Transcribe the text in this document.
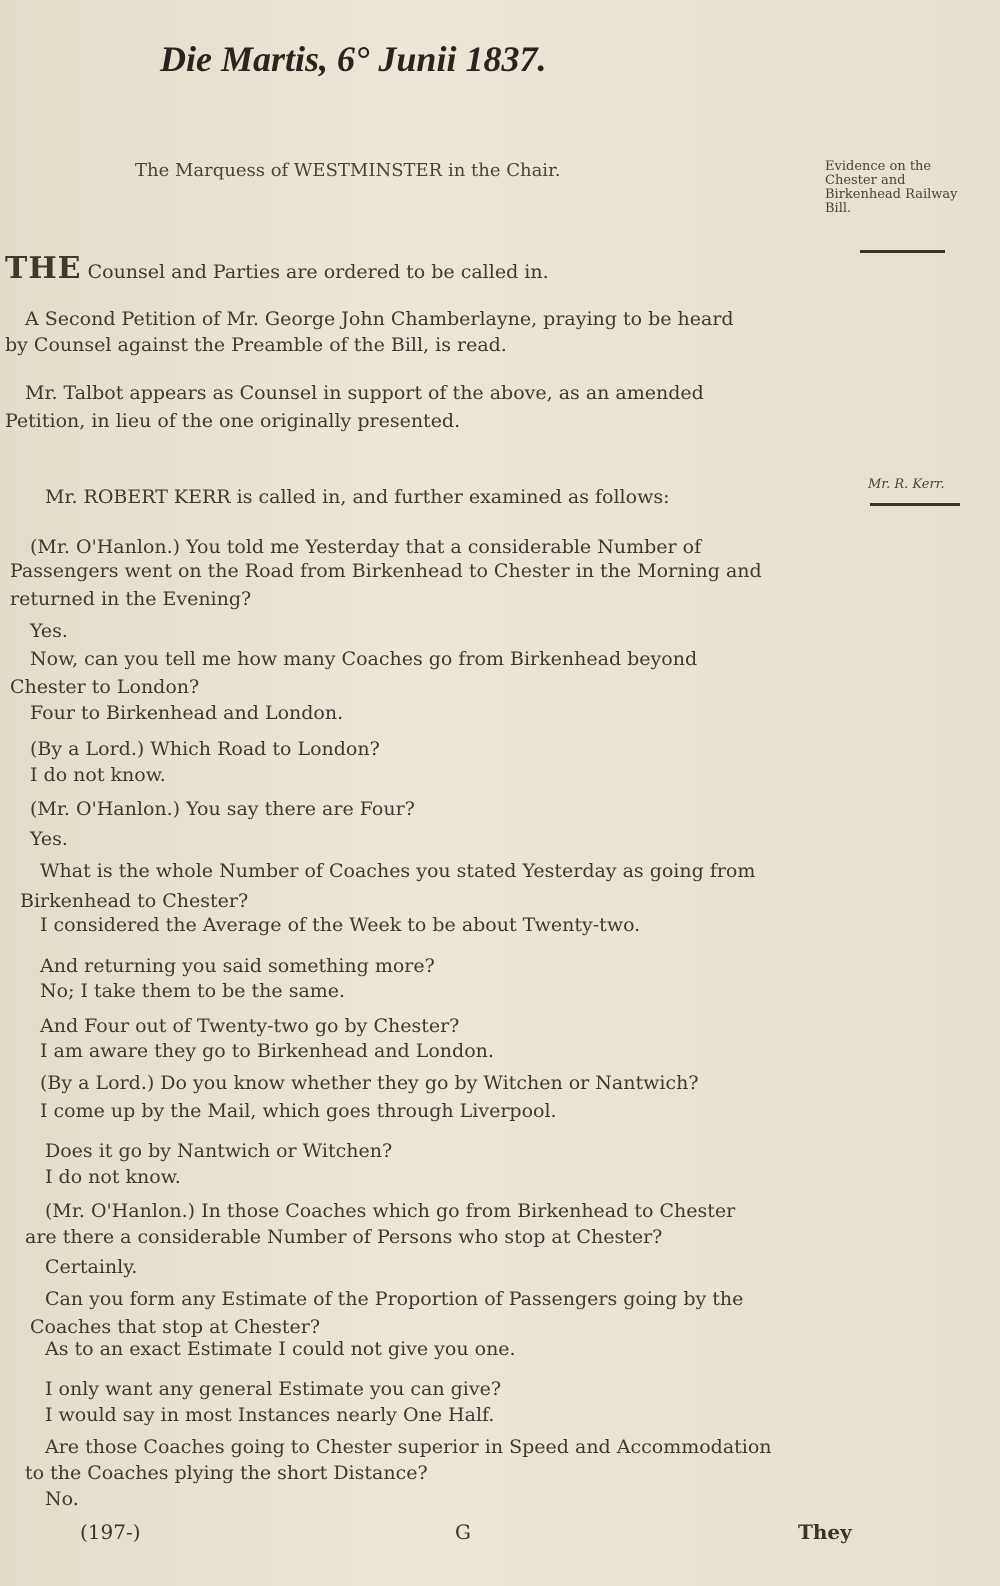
Die Martis, 6° Junii 1837.
The Marquess of WESTMINSTER in the Chair.	Evidence on the Chester and Birkenhead Railway Bill.
Mr. R. Kerr.
THE Counsel and Parties are ordered to be called in.
A Second Petition of Mr. George John Chamberlayne, praying to be heard
by Counsel against the Preamble of the Bill, is read.
Mr. Talbot appears as Counsel in support of the above, as an amended
Petition, in lieu of the one originally presented.
Mr. ROBERT KERR is called in, and further examined as follows:
(Mr. O'Hanlon.) You told me Yesterday that a considerable Number of
Passengers went on the Road from Birkenhead to Chester in the Morning and
returned in the Evening?
Yes.
Now, can you tell me how many Coaches go from Birkenhead beyond
Chester to London?
Four to Birkenhead and London.
(By a Lord.) Which Road to London?
I do not know.
(Mr. O'Hanlon.) You say there are Four?
Yes.
What is the whole Number of Coaches you stated Yesterday as going from
Birkenhead to Chester?
I considered the Average of the Week to be about Twenty-two.
And returning you said something more?
No; I take them to be the same.
And Four out of Twenty-two go by Chester?
I am aware they go to Birkenhead and London.
(By a Lord.) Do you know whether they go by Witchen or Nantwich?
I come up by the Mail, which goes through Liverpool.
Does it go by Nantwich or Witchen?
I do not know.
(Mr. O'Hanlon.) In those Coaches which go from Birkenhead to Chester
are there a considerable Number of Persons who stop at Chester?
Certainly.
Can you form any Estimate of the Proportion of Passengers going by the
Coaches that stop at Chester?
As to an exact Estimate I could not give you one.
I only want any general Estimate you can give?
I would say in most Instances nearly One Half.
Are those Coaches going to Chester superior in Speed and Accommodation
to the Coaches plying the short Distance?
No.
(197-)	G	They
